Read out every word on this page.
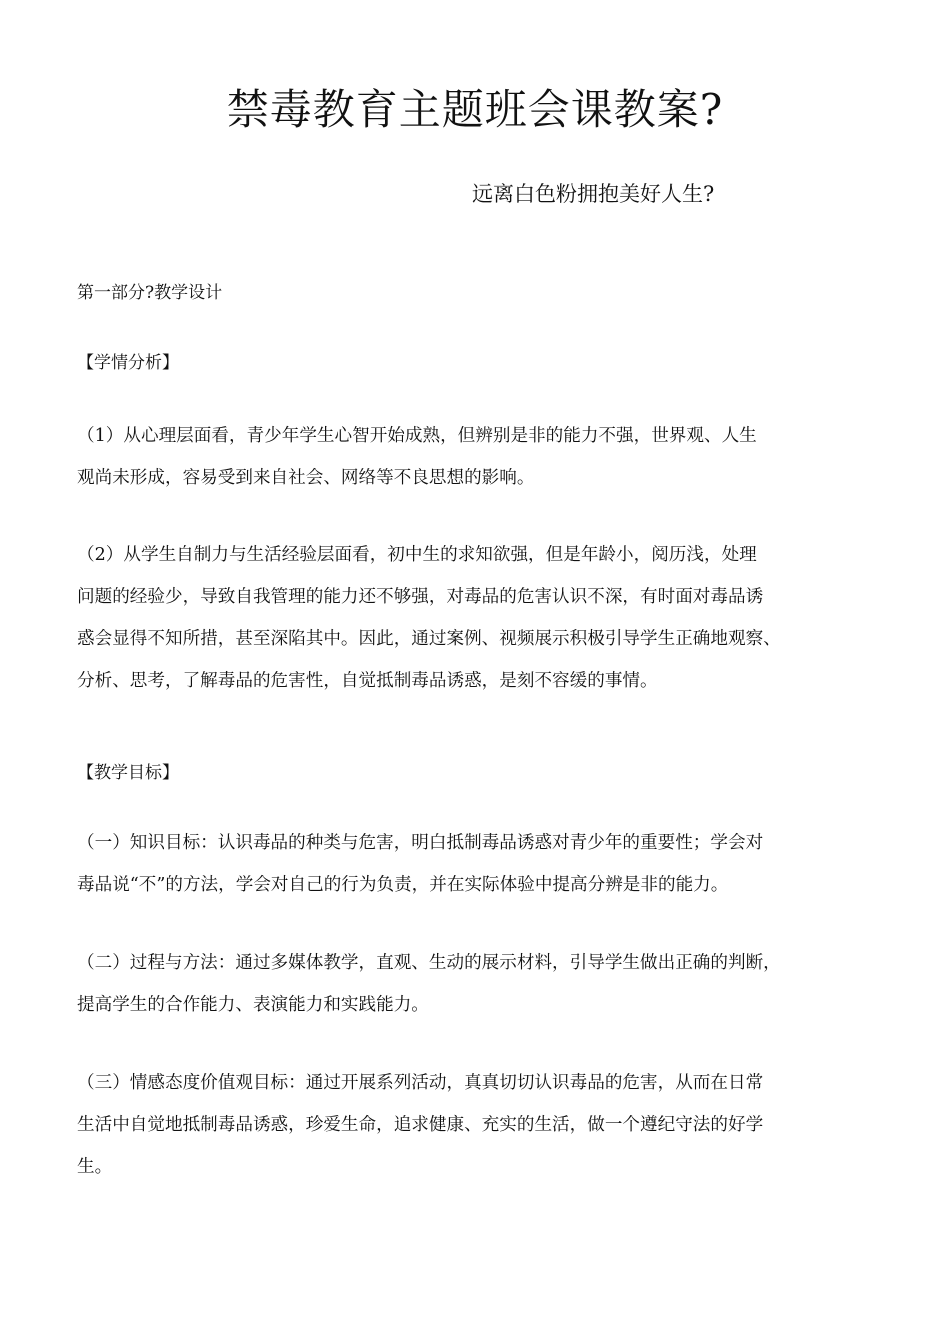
禁毒教育主题班会课教案?

远离白色粉拥抱美好人生?

第一部分?教学设计

【学情分析】

（1）从心理层面看，青少年学生心智开始成熟，但辨别是非的能力不强，世界观、人生
观尚未形成，容易受到来自社会、网络等不良思想的影响。
（2）从学生自制力与生活经验层面看，初中生的求知欲强，但是年龄小，阅历浅，处理
问题的经验少，导致自我管理的能力还不够强，对毒品的危害认识不深，有时面对毒品诱
惑会显得不知所措，甚至深陷其中。因此，通过案例、视频展示积极引导学生正确地观察、
分析、思考，了解毒品的危害性，自觉抵制毒品诱惑，是刻不容缓的事情。

【教学目标】

（一）知识目标：认识毒品的种类与危害，明白抵制毒品诱惑对青少年的重要性；学会对
毒品说“不”的方法，学会对自己的行为负责，并在实际体验中提高分辨是非的能力。
（二）过程与方法：通过多媒体教学，直观、生动的展示材料，引导学生做出正确的判断，
提高学生的合作能力、表演能力和实践能力。
（三）情感态度价值观目标：通过开展系列活动，真真切切认识毒品的危害，从而在日常
生活中自觉地抵制毒品诱惑，珍爱生命，追求健康、充实的生活，做一个遵纪守法的好学
生。
